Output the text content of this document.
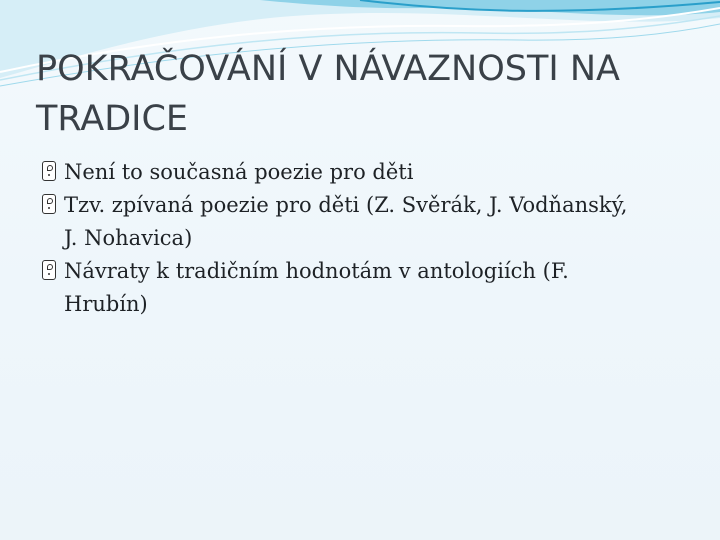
POKRAČOVÁNÍ V NÁVAZNOSTI NA
TRADICE
Není to současná poezie pro děti
Tzv. zpívaná poezie pro děti (Z. Svěrák, J. Vodňanský,
J. Nohavica)
Návraty k tradičním hodnotám v antologiích (F.
Hrubín)
